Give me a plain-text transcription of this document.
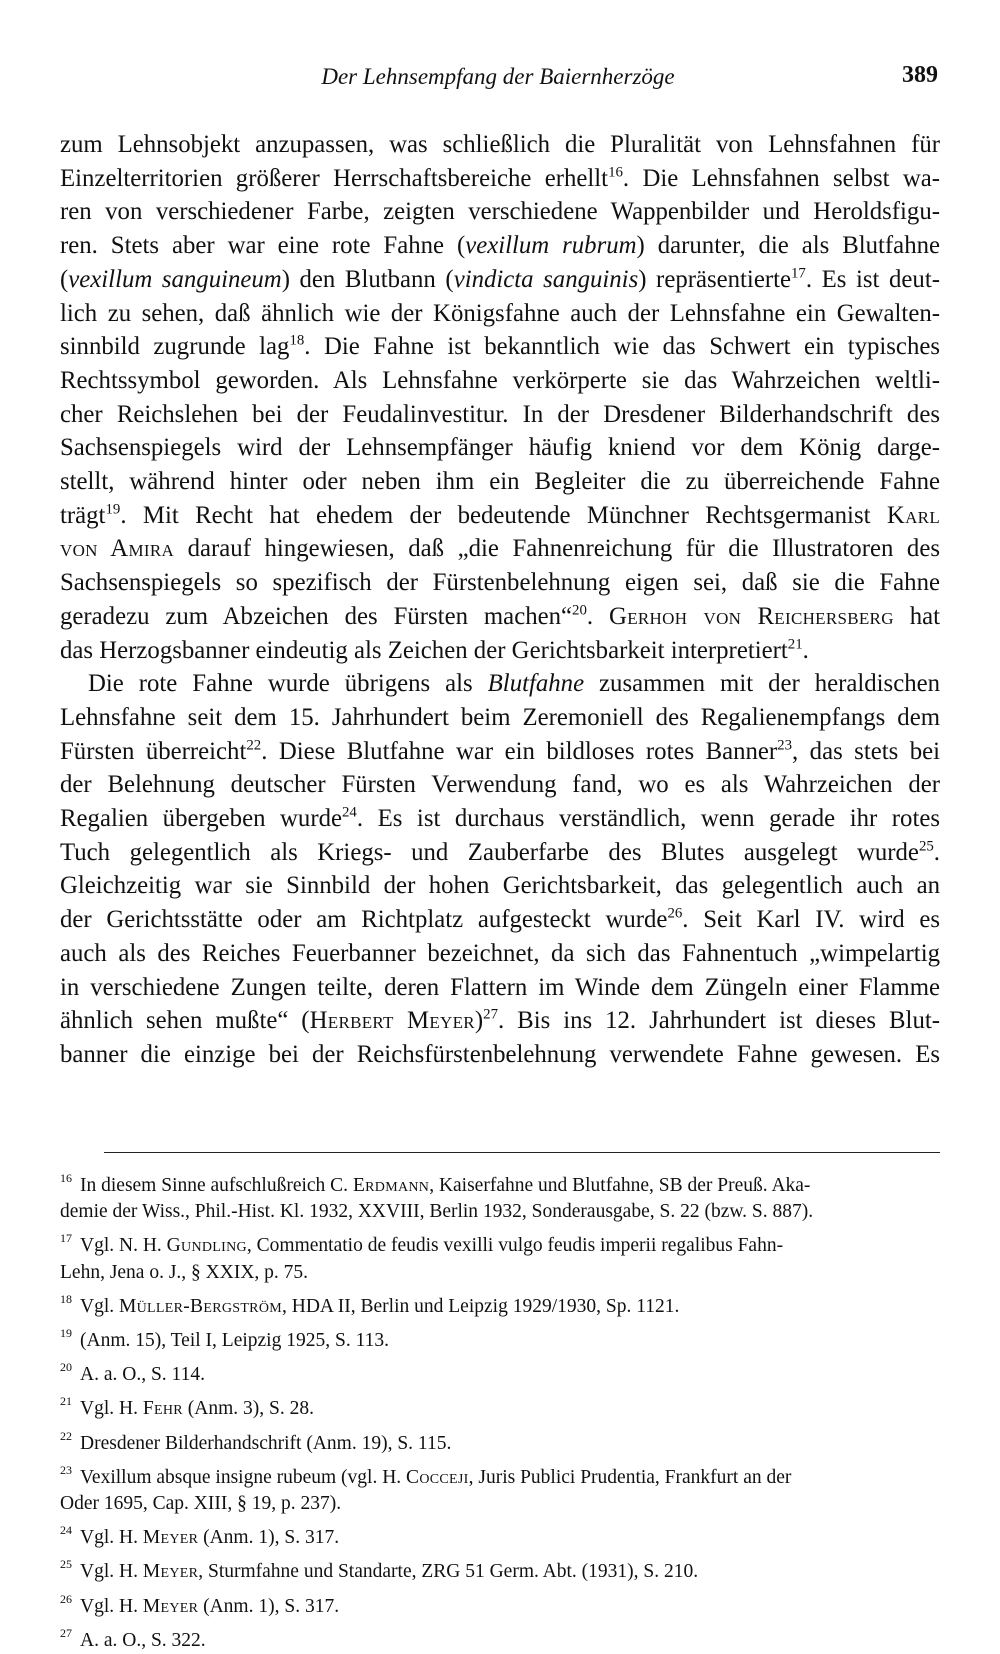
Der Lehnsempfang der Baiernherzöge	389
zum Lehnsobjekt anzupassen, was schließlich die Pluralität von Lehnsfahnen für
Einzelterritorien größerer Herrschaftsbereiche erhellt$^{16}$. Die Lehnsfahnen selbst wa-
ren von verschiedener Farbe, zeigten verschiedene Wappenbilder und Heroldsfigu-
ren. Stets aber war eine rote Fahne (vexillum rubrum) darunter, die als Blutfahne
(vexillum sanguineum) den Blutbann (vindicta sanguinis) repräsentierte$^{17}$. Es ist deut-
lich zu sehen, daß ähnlich wie der Königsfahne auch der Lehnsfahne ein Gewalten-
sinnbild zugrunde lag$^{18}$. Die Fahne ist bekanntlich wie das Schwert ein typisches
Rechtssymbol geworden. Als Lehnsfahne verkörperte sie das Wahrzeichen weltli-
cher Reichslehen bei der Feudalinvestitur. In der Dresdener Bilderhandschrift des
Sachsenspiegels wird der Lehnsempfänger häufig kniend vor dem König darge-
stellt, während hinter oder neben ihm ein Begleiter die zu überreichende Fahne
trägt$^{19}$. Mit Recht hat ehedem der bedeutende Münchner Rechtsgermanist Karl
von Amira darauf hingewiesen, daß „die Fahnenreichung für die Illustratoren des
Sachsenspiegels so spezifisch der Fürstenbelehnung eigen sei, daß sie die Fahne
geradezu zum Abzeichen des Fürsten machen“$^{20}$. Gerhoh von Reichersberg hat
das Herzogsbanner eindeutig als Zeichen der Gerichtsbarkeit interpretiert$^{21}$.
Die rote Fahne wurde übrigens als Blutfahne zusammen mit der heraldischen
Lehnsfahne seit dem 15. Jahrhundert beim Zeremoniell des Regalienempfangs dem
Fürsten überreicht$^{22}$. Diese Blutfahne war ein bildloses rotes Banner$^{23}$, das stets bei
der Belehnung deutscher Fürsten Verwendung fand, wo es als Wahrzeichen der
Regalien übergeben wurde$^{24}$. Es ist durchaus verständlich, wenn gerade ihr rotes
Tuch gelegentlich als Kriegs- und Zauberfarbe des Blutes ausgelegt wurde$^{25}$.
Gleichzeitig war sie Sinnbild der hohen Gerichtsbarkeit, das gelegentlich auch an
der Gerichtsstätte oder am Richtplatz aufgesteckt wurde$^{26}$. Seit Karl IV. wird es
auch als des Reiches Feuerbanner bezeichnet, da sich das Fahnentuch „wimpelartig
in verschiedene Zungen teilte, deren Flattern im Winde dem Züngeln einer Flamme
ähnlich sehen mußte“ (Herbert Meyer)$^{27}$. Bis ins 12. Jahrhundert ist dieses Blut-
banner die einzige bei der Reichsfürstenbelehnung verwendete Fahne gewesen. Es
16 In diesem Sinne aufschlußreich C. Erdmann, Kaiserfahne und Blutfahne, SB der Preuß. Aka-
demie der Wiss., Phil.-Hist. Kl. 1932, XXVIII, Berlin 1932, Sonderausgabe, S. 22 (bzw. S. 887).
17 Vgl. N. H. Gundling, Commentatio de feudis vexilli vulgo feudis imperii regalibus Fahn-
Lehn, Jena o. J., § XXIX, p. 75.
18 Vgl. Müller-Bergström, HDA II, Berlin und Leipzig 1929/1930, Sp. 1121.
19 (Anm. 15), Teil I, Leipzig 1925, S. 113.
20 A. a. O., S. 114.
21 Vgl. H. Fehr (Anm. 3), S. 28.
22 Dresdener Bilderhandschrift (Anm. 19), S. 115.
23 Vexillum absque insigne rubeum (vgl. H. Cocceji, Juris Publici Prudentia, Frankfurt an der
Oder 1695, Cap. XIII, § 19, p. 237).
24 Vgl. H. Meyer (Anm. 1), S. 317.
25 Vgl. H. Meyer, Sturmfahne und Standarte, ZRG 51 Germ. Abt. (1931), S. 210.
26 Vgl. H. Meyer (Anm. 1), S. 317.
27 A. a. O., S. 322.
